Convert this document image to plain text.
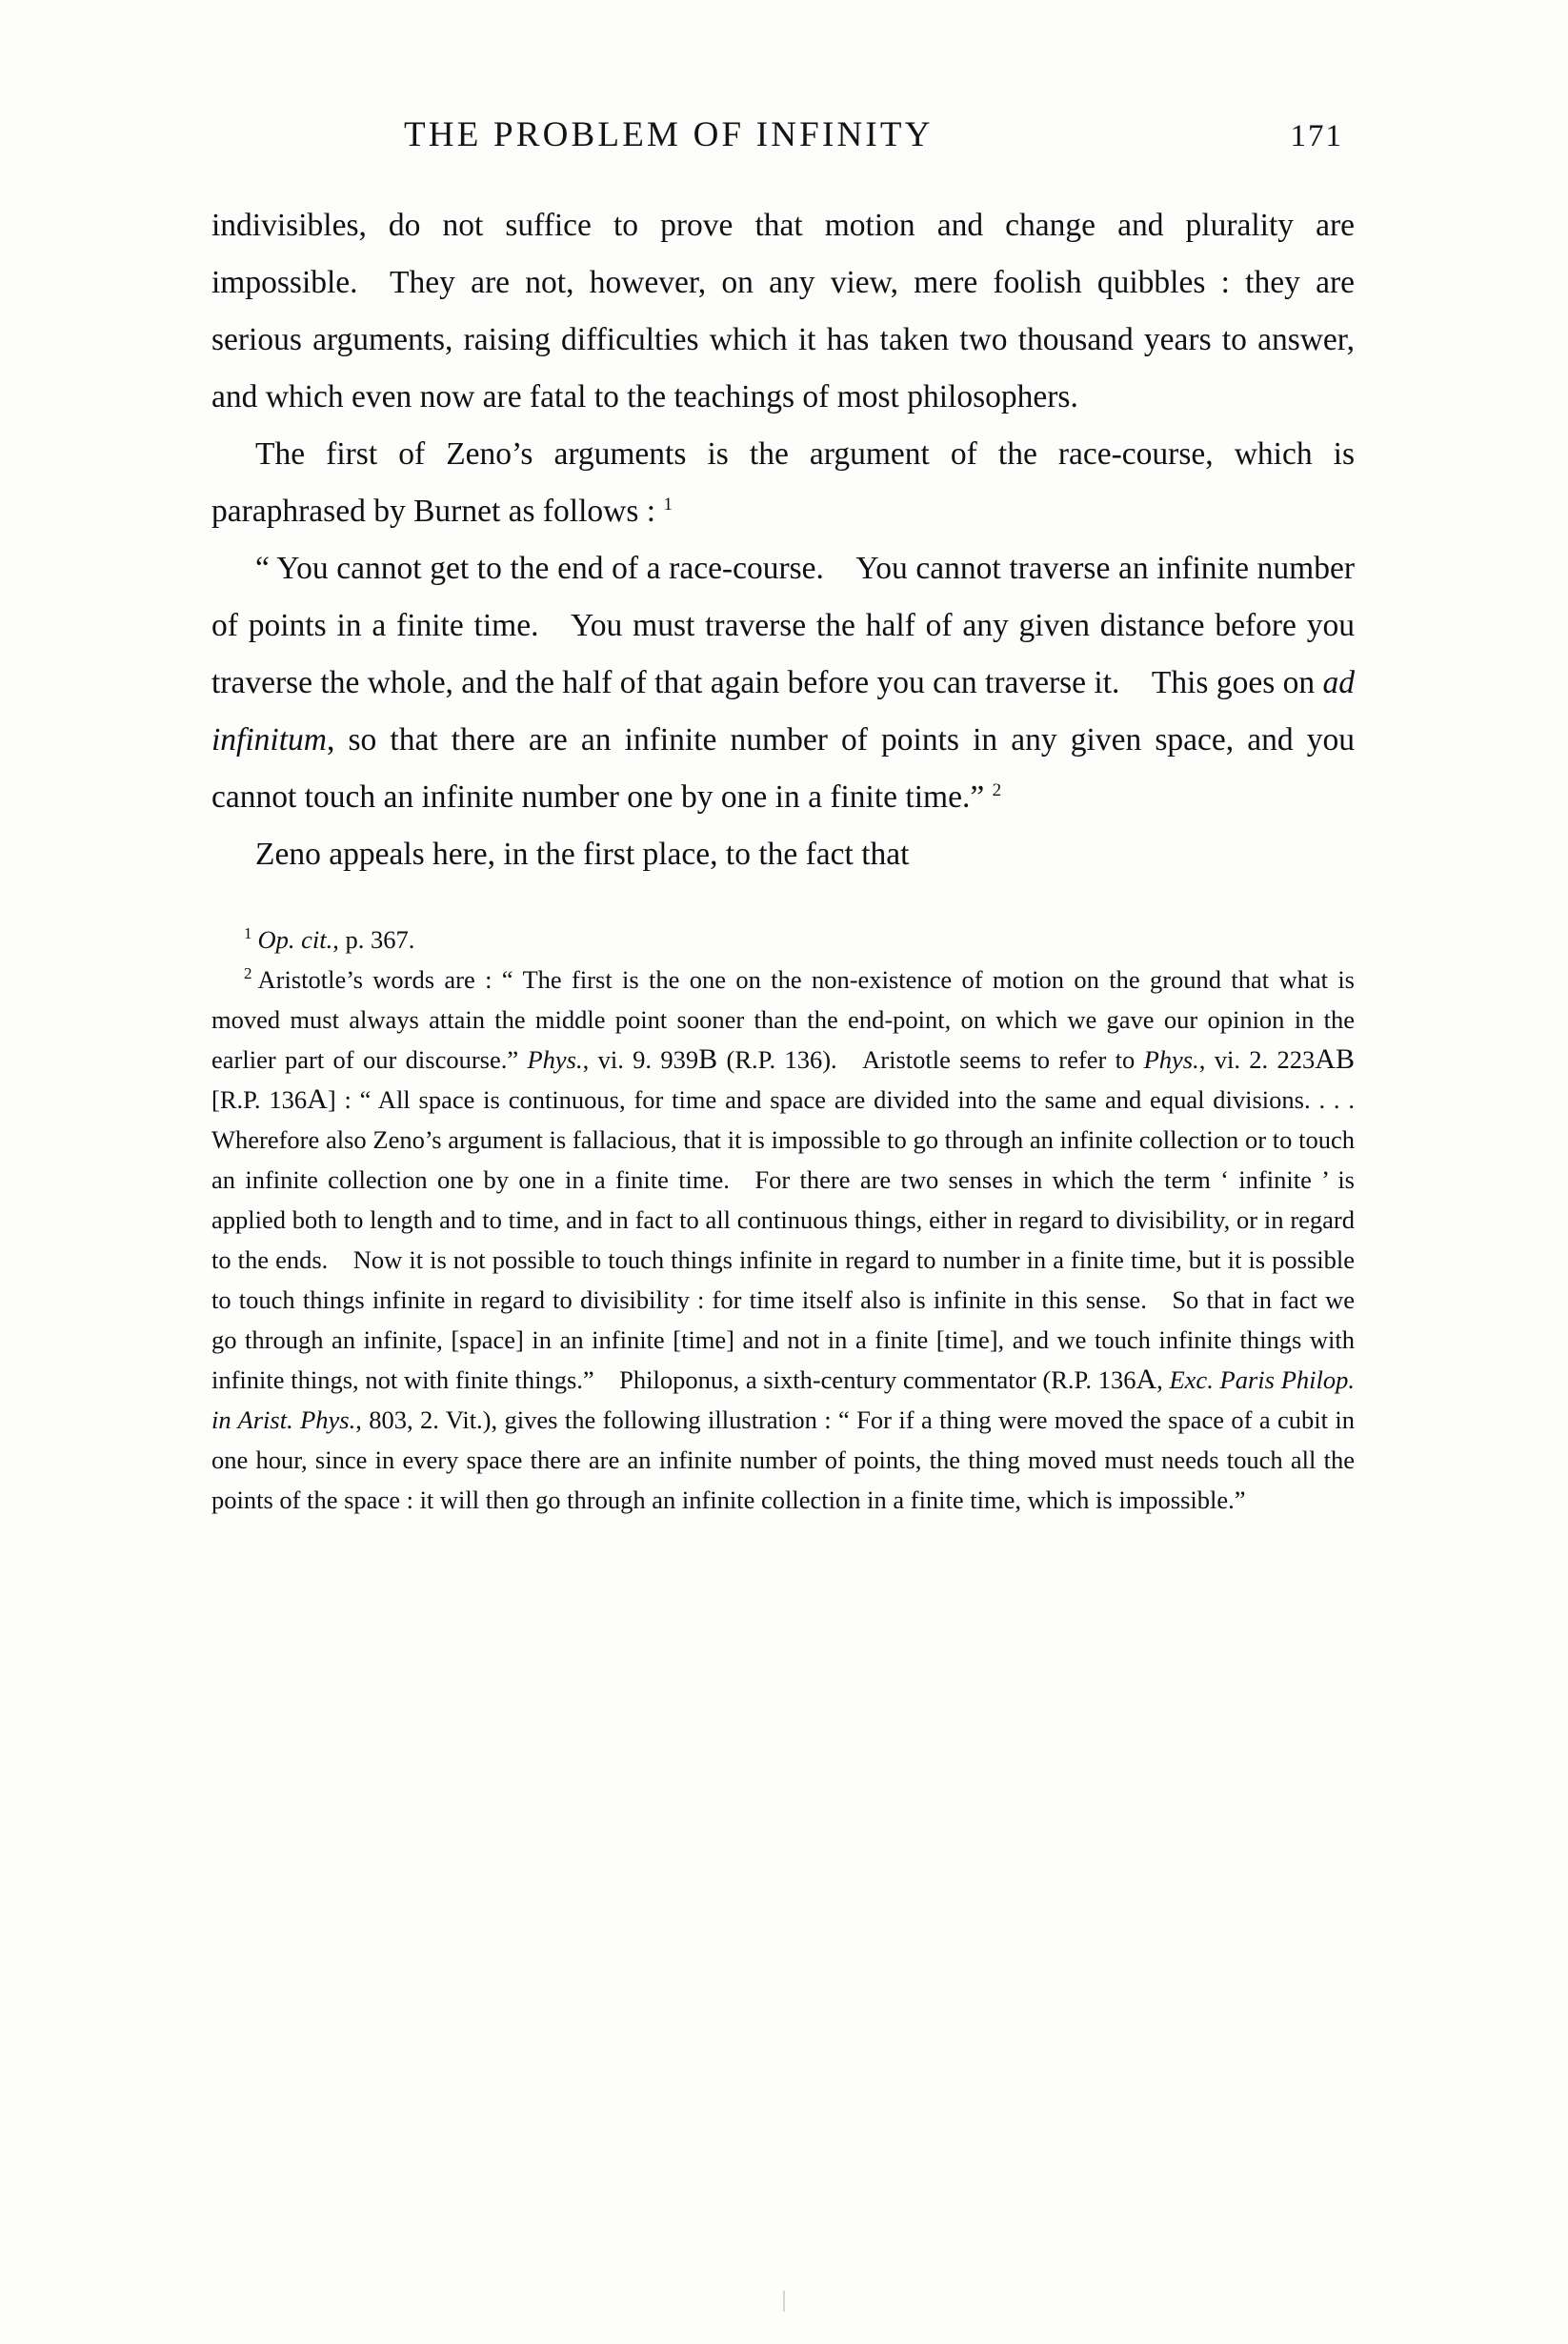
THE PROBLEM OF INFINITY	171

indivisibles, do not suffice to prove that motion and change and plurality are impossible. They are not, however, on any view, mere foolish quibbles : they are serious arguments, raising difficulties which it has taken two thousand years to answer, and which even now are fatal to the teachings of most philosophers.

The first of Zeno’s arguments is the argument of the race-course, which is paraphrased by Burnet as follows : $^1$

“ You cannot get to the end of a race-course. You cannot traverse an infinite number of points in a finite time. You must traverse the half of any given distance before you traverse the whole, and the half of that again before you can traverse it. This goes on ad infinitum, so that there are an infinite number of points in any given space, and you cannot touch an infinite number one by one in a finite time.” $^2$

Zeno appeals here, in the first place, to the fact that

$^1$ Op. cit., p. 367.

$^2$ Aristotle’s words are : “ The first is the one on the non-existence of motion on the ground that what is moved must always attain the middle point sooner than the end-point, on which we gave our opinion in the earlier part of our discourse.” Phys., vi. 9. 939B (R.P. 136). Aristotle seems to refer to Phys., vi. 2. 223AB [R.P. 136A] : “ All space is continuous, for time and space are divided into the same and equal divisions. . . . Wherefore also Zeno’s argument is fallacious, that it is impossible to go through an infinite collection or to touch an infinite collection one by one in a finite time. For there are two senses in which the term ‘ infinite ’ is applied both to length and to time, and in fact to all continuous things, either in regard to divisibility, or in regard to the ends. Now it is not possible to touch things infinite in regard to number in a finite time, but it is possible to touch things infinite in regard to divisibility : for time itself also is infinite in this sense. So that in fact we go through an infinite, [space] in an infinite [time] and not in a finite [time], and we touch infinite things with infinite things, not with finite things.” Philoponus, a sixth-century commentator (R.P. 136A, Exc. Paris Philop. in Arist. Phys., 803, 2. Vit.), gives the following illustration : “ For if a thing were moved the space of a cubit in one hour, since in every space there are an infinite number of points, the thing moved must needs touch all the points of the space : it will then go through an infinite collection in a finite time, which is impossible.”
